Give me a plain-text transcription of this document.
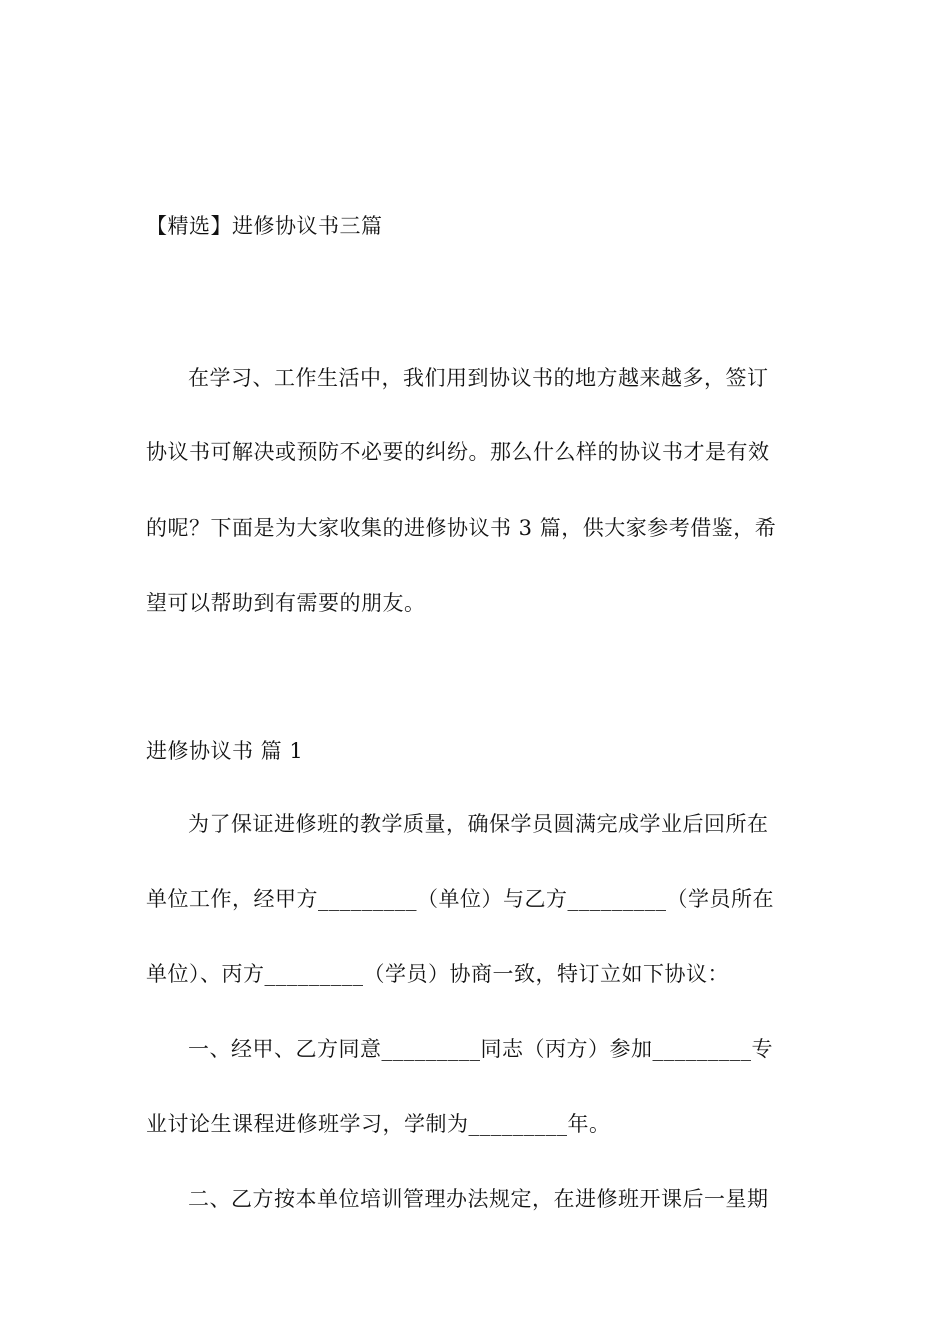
【精选】进修协议书三篇
在学习、工作生活中，我们用到协议书的地方越来越多，签订
协议书可解决或预防不必要的纠纷。那么什么样的协议书才是有效
的呢？下面是为大家收集的进修协议书 3 篇，供大家参考借鉴，希
望可以帮助到有需要的朋友。
进修协议书 篇 1
为了保证进修班的教学质量，确保学员圆满完成学业后回所在
单位工作，经甲方_________（单位）与乙方_________（学员所在
单位）、丙方_________（学员）协商一致，特订立如下协议：
一、经甲、乙方同意_________同志（丙方）参加_________专
业讨论生课程进修班学习，学制为_________年。
二、乙方按本单位培训管理办法规定，在进修班开课后一星期
